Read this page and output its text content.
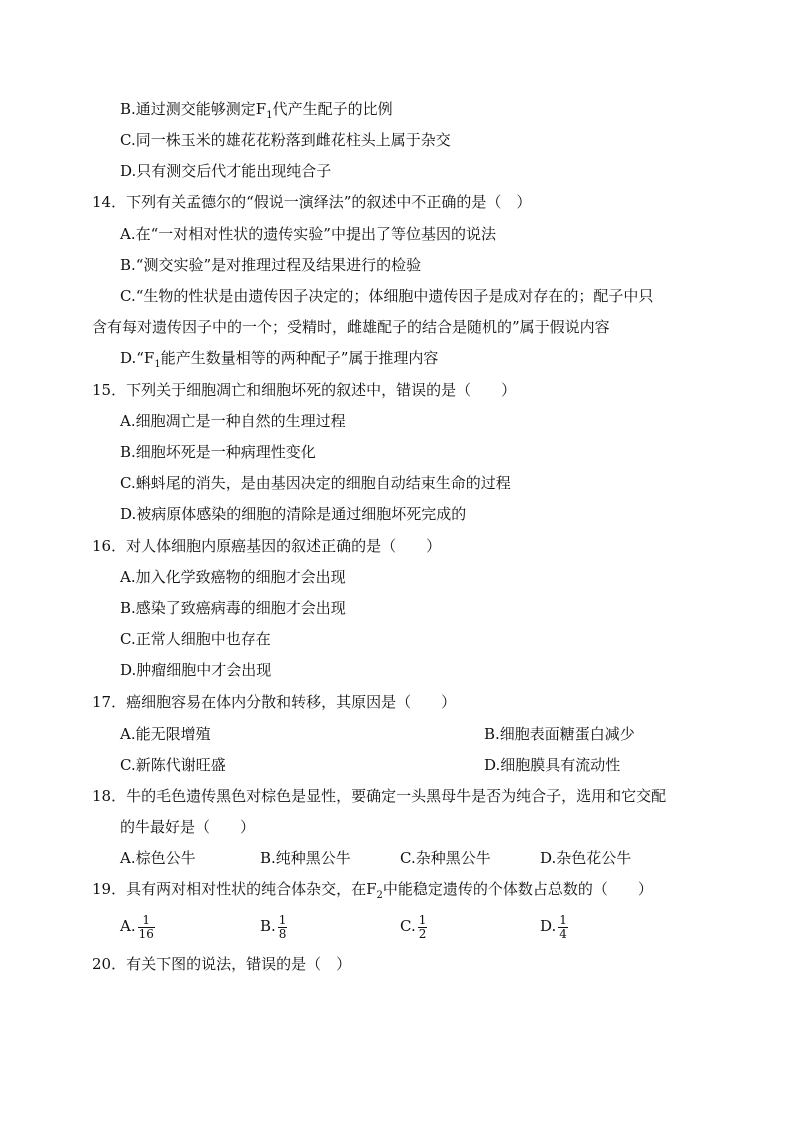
B.通过测交能够测定$F_1$代产生配子的比例
C.同一株玉米的雄花花粉落到雌花柱头上属于杂交
D.只有测交后代才能出现纯合子
14．下列有关孟德尔的“假说一演绎法”的叙述中不正确的是（　）
A.在“一对相对性状的遗传实验”中提出了等位基因的说法
B.“测交实验”是对推理过程及结果进行的检验
C.“生物的性状是由遗传因子决定的；体细胞中遗传因子是成对存在的；配子中只
含有每对遗传因子中的一个；受精时，雌雄配子的结合是随机的”属于假说内容
$D.“F_1$能产生数量相等的两种配子”属于推理内容
15．下列关于细胞凋亡和细胞坏死的叙述中，错误的是（　　）
A.细胞凋亡是一种自然的生理过程
B.细胞坏死是一种病理性变化
C.蝌蚪尾的消失，是由基因决定的细胞自动结束生命的过程
D.被病原体感染的细胞的清除是通过细胞坏死完成的
16．对人体细胞内原癌基因的叙述正确的是（　　）
A.加入化学致癌物的细胞才会出现
B.感染了致癌病毒的细胞才会出现
C.正常人细胞中也存在
D.肿瘤细胞中才会出现
17．癌细胞容易在体内分散和转移，其原因是（　　）
A.能无限增殖	B.细胞表面糖蛋白减少
C.新陈代谢旺盛	D.细胞膜具有流动性
18．牛的毛色遗传黑色对棕色是显性，要确定一头黑母牛是否为纯合子，选用和它交配
的牛最好是（　　）
A.棕色公牛	B.纯种黑公牛	C.杂种黑公牛	D.杂色花公牛
19．具有两对相对性状的纯合体杂交，在$F_2$中能稳定遗传的个体数占总数的（　　）
A. $\frac{1}{16}$	B. $\frac{1}{8}$	C. $\frac{1}{2}$	D. $\frac{1}{4}$
20．有关下图的说法，错误的是（　）
